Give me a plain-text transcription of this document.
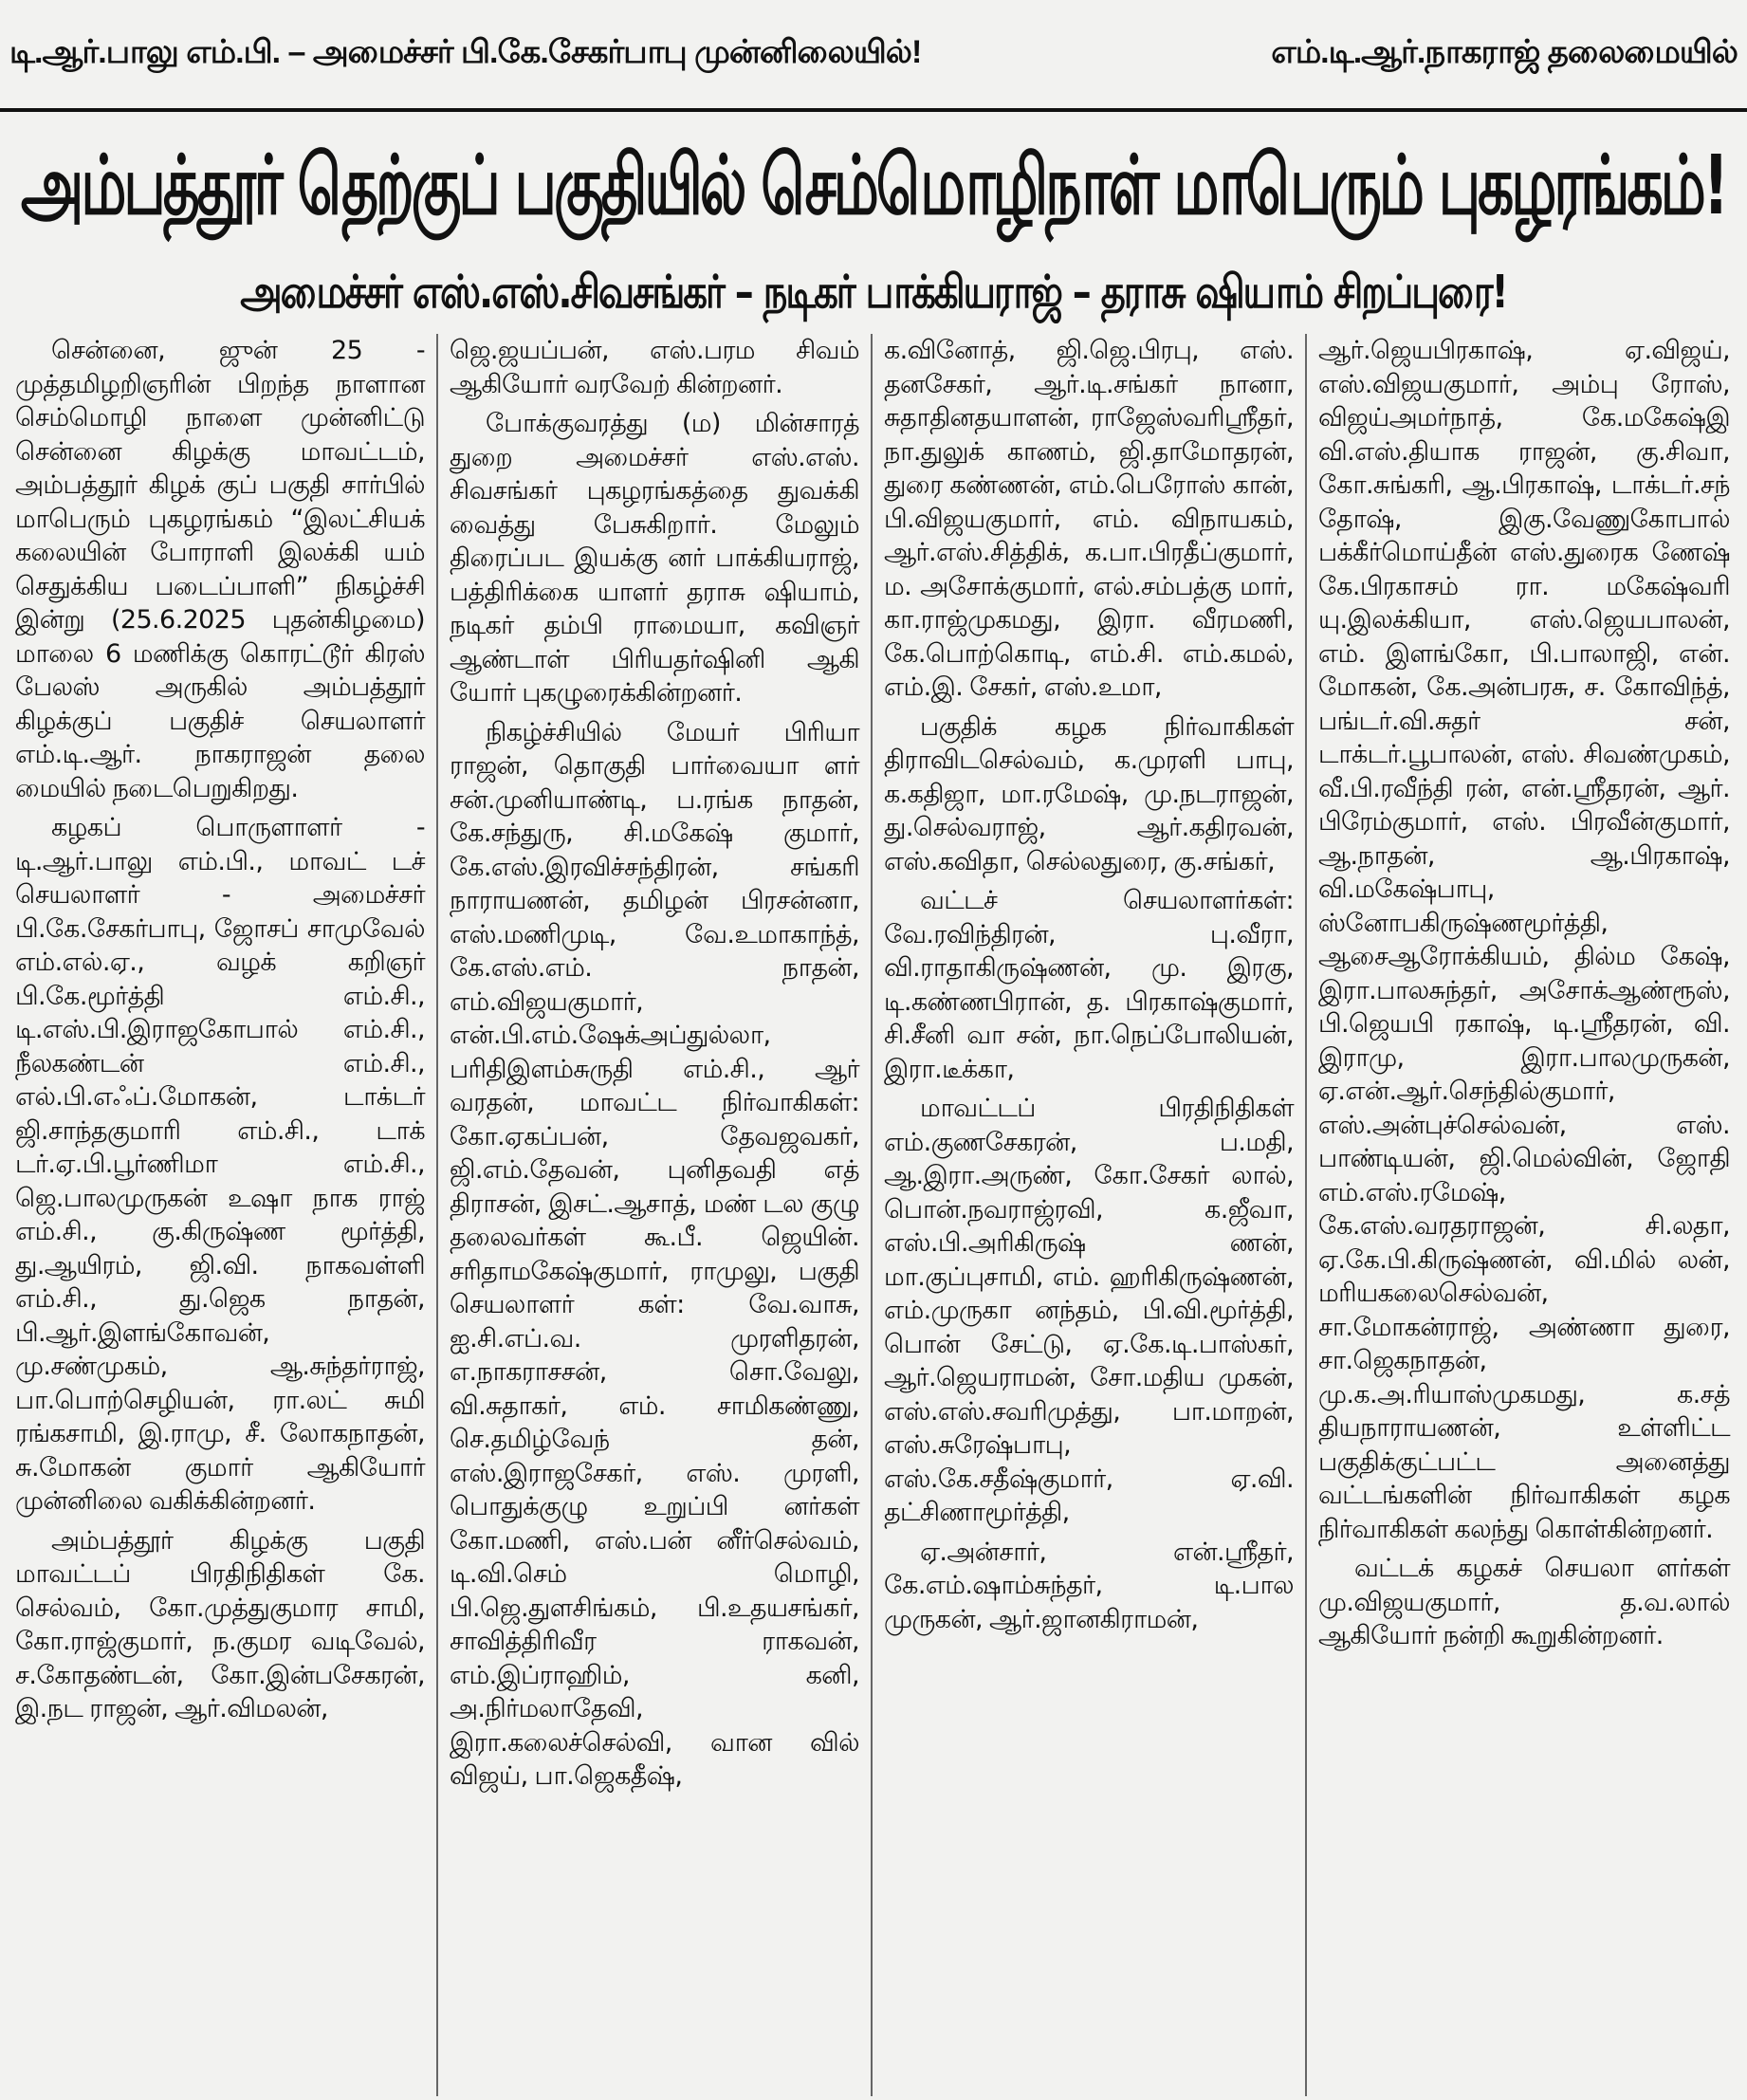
டி.ஆர்.பாலு எம்.பி. – அமைச்சர் பி.கே.சேகர்பாபு முன்னிலையில்!	எம்.டி.ஆர்.நாகராஜ் தலைமையில்
அம்பத்தூர் தெற்குப் பகுதியில் செம்மொழிநாள் மாபெரும் புகழரங்கம்!
அமைச்சர் எஸ்.எஸ்.சிவசங்கர் – நடிகர் பாக்கியராஜ் – தராசு ஷியாம் சிறப்புரை!

சென்னை, ஜுன் 25 - முத்தமிழறிஞரின் பிறந்த நாளான செம்மொழி நாளை முன்னிட்டு சென்னை கிழக்கு மாவட்டம், அம்பத்தூர் கிழக் குப் பகுதி சார்பில் மாபெரும் புகழரங்கம் “இலட்சியக் கலையின் போராளி இலக்கி யம் செதுக்கிய படைப்பாளி” நிகழ்ச்சி இன்று (25.6.2025 புதன்கிழமை) மாலை 6 மணிக்கு கொரட்டூர் கிரஸ் பேலஸ் அருகில் அம்பத்தூர் கிழக்குப் பகுதிச் செயலாளர் எம்.டி.ஆர். நாகராஜன் தலை மையில் நடைபெறுகிறது.

கழகப் பொருளாளர் - டி.ஆர்.பாலு எம்.பி., மாவட் டச் செயலாளர் - அமைச்சர் பி.கே.சேகர்பாபு, ஜோசப் சாமுவேல் எம்.எல்.ஏ., வழக் கறிஞர் பி.கே.மூர்த்தி எம்.சி., டி.எஸ்.பி.இராஜகோபால் எம்.சி., நீலகண்டன் எம்.சி., எல்.பி.எஃப்.மோகன், டாக்டர் ஜி.சாந்தகுமாரி எம்.சி., டாக் டர்.ஏ.பி.பூர்ணிமா எம்.சி., ஜெ.பாலமுருகன் உஷா நாக ராஜ் எம்.சி., கு.கிருஷ்ண மூர்த்தி, து.ஆயிரம், ஜி.வி. நாகவள்ளி எம்.சி., து.ஜெக நாதன், பி.ஆர்.இளங்கோவன், மு.சண்முகம், ஆ.சுந்தர்ராஜ், பா.பொற்செழியன், ரா.லட் சுமி ரங்கசாமி, இ.ராமு, சீ. லோகநாதன், சு.மோகன் குமார் ஆகியோர் முன்னிலை வகிக்கின்றனர்.

அம்பத்தூர் கிழக்கு பகுதி மாவட்டப் பிரதிநிதிகள் கே. செல்வம், கோ.முத்துகுமார சாமி, கோ.ராஜ்குமார், ந.குமர வடிவேல், ச.கோதண்டன், கோ.இன்பசேகரன், இ.நட ராஜன், ஆர்.விமலன்,

ஜெ.ஜயப்பன், எஸ்.பரம சிவம் ஆகியோர் வரவேற் கின்றனர்.

போக்குவரத்து (ம) மின்சாரத் துறை அமைச்சர் எஸ்.எஸ். சிவசங்கர் புகழரங்கத்தை துவக்கி வைத்து பேசுகிறார். மேலும் திரைப்பட இயக்கு னர் பாக்கியராஜ், பத்திரிக்கை யாளர் தராசு ஷியாம், நடிகர் தம்பி ராமையா, கவிஞர் ஆண்டாள் பிரியதர்ஷினி ஆகி யோர் புகழுரைக்கின்றனர்.

நிகழ்ச்சியில் மேயர் பிரியா ராஜன், தொகுதி பார்வையா ளர் சன்.முனியாண்டி, ப.ரங்க நாதன், கே.சந்துரு, சி.மகேஷ் குமார், கே.எஸ்.இரவிச்சந்திரன், சங்கரி நாராயணன், தமிழன் பிரசன்னா, எஸ்.மணிமுடி, வே.உமாகாந்த், கே.எஸ்.எம். நாதன், எம்.விஜயகுமார், என்.பி.எம்.ஷேக்அப்துல்லா, பரிதிஇளம்சுருதி எம்.சி., ஆர் வரதன், மாவட்ட நிர்வாகிகள்: கோ.ஏகப்பன், தேவஜவகர், ஜி.எம்.தேவன், புனிதவதி எத் திராசன், இசட்.ஆசாத், மண் டல குழு தலைவர்கள் கூ.பீ. ஜெயின். சரிதாமகேஷ்குமார், ராமுலு, பகுதி செயலாளர் கள்: வே.வாசு, ஐ.சி.எப்.வ. முரளிதரன், எ.நாகராசசன், சொ.வேலு, வி.சுதாகர், எம். சாமிகண்ணு, செ.தமிழ்வேந் தன், எஸ்.இராஜசேகர், எஸ். முரளி, பொதுக்குழு உறுப்பி னர்கள் கோ.மணி, எஸ்.பன் னீர்செல்வம், டி.வி.செம் மொழி, பி.ஜெ.துளசிங்கம், பி.உதயசங்கர், சாவித்திரிவீர ராகவன், எம்.இப்ராஹிம், கனி, அ.நிர்மலாதேவி, இரா.கலைச்செல்வி, வான வில் விஜய், பா.ஜெகதீஷ்,

க.வினோத், ஜி.ஜெ.பிரபு, எஸ். தனசேகர், ஆர்.டி.சங்கர் நானா, சுதாதினதயாளன், ராஜேஸ்வரிஸ்ரீதர், நா.துலுக் காணம், ஜி.தாமோதரன், துரை கண்ணன், எம்.பெரோஸ் கான், பி.விஜயகுமார், எம். விநாயகம், ஆர்.எஸ்.சித்திக், க.பா.பிரதீப்குமார், ம. அசோக்குமார், எல்.சம்பத்கு மார், கா.ராஜ்முகமது, இரா. வீரமணி, கே.பொற்கொடி, எம்.சி. எம்.கமல், எம்.இ. சேகர், எஸ்.உமா,

பகுதிக் கழக நிர்வாகிகள் திராவிடசெல்வம், க.முரளி பாபு, க.கதிஜா, மா.ரமேஷ், மு.நடராஜன், து.செல்வராஜ், ஆர்.கதிரவன், எஸ்.கவிதா, செல்லதுரை, கு.சங்கர்,

வட்டச் செயலாளர்கள்: வே.ரவிந்திரன், பு.வீரா, வி.ராதாகிருஷ்ணன், மு. இரகு, டி.கண்ணபிரான், த. பிரகாஷ்குமார், சி.சீனி வா சன், நா.நெப்போலியன், இரா.டீக்கா,

மாவட்டப் பிரதிநிதிகள் எம்.குணசேகரன், ப.மதி, ஆ.இரா.அருண், கோ.சேகர் லால், பொன்.நவராஜ்ரவி, க.ஜீவா, எஸ்.பி.அரிகிருஷ் ணன், மா.குப்புசாமி, எம். ஹரிகிருஷ்ணன், எம்.முருகா னந்தம், பி.வி.மூர்த்தி, பொன் சேட்டு, ஏ.கே.டி.பாஸ்கர், ஆர்.ஜெயராமன், சோ.மதிய முகன், எஸ்.எஸ்.சவரிமுத்து, பா.மாறன், எஸ்.சுரேஷ்பாபு, எஸ்.கே.சதீஷ்குமார், ஏ.வி. தட்சிணாமூர்த்தி,

ஏ.அன்சார், என்.ஸ்ரீதர், கே.எம்.ஷாம்சுந்தர், டி.பால முருகன், ஆர்.ஜானகிராமன்,

ஆர்.ஜெயபிரகாஷ், ஏ.விஜய், எஸ்.விஜயகுமார், அம்பு ரோஸ், விஜய்அமர்நாத், கே.மகேஷ்இ வி.எஸ்.தியாக ராஜன், கு.சிவா, கோ.சுங்கரி, ஆ.பிரகாஷ், டாக்டர்.சந் தோஷ், இகு.வேணுகோபால் பக்கீர்மொய்தீன் எஸ்.துரைக ணேஷ் கே.பிரகாசம் ரா. மகேஷ்வரி யு.இலக்கியா, எஸ்.ஜெயபாலன், எம். இளங்கோ, பி.பாலாஜி, என். மோகன், கே.அன்பரசு, ச. கோவிந்த், பங்டர்.வி.சுதர் சன், டாக்டர்.பூபாலன், எஸ். சிவண்முகம், வீ.பி.ரவீந்தி ரன், என்.ஸ்ரீதரன், ஆர். பிரேம்குமார், எஸ். பிரவீன்குமார், ஆ.நாதன், ஆ.பிரகாஷ், வி.மகேஷ்பாபு, ஸ்னோபகிருஷ்ணமூர்த்தி, ஆசைஆரோக்கியம், தில்ம கேஷ், இரா.பாலசுந்தர், அசோக்ஆண்ரூஸ், பி.ஜெயபி ரகாஷ், டி.ஸ்ரீதரன், வி. இராமு, இரா.பாலமுருகன், ஏ.என்.ஆர்.செந்தில்குமார், எஸ்.அன்புச்செல்வன், எஸ். பாண்டியன், ஜி.மெல்வின், ஜோதி எம்.எஸ்.ரமேஷ், கே.எஸ்.வரதராஜன், சி.லதா, ஏ.கே.பி.கிருஷ்ணன், வி.மில் லன், மரியகலைசெல்வன், சா.மோகன்ராஜ், அண்ணா துரை, சா.ஜெகநாதன், மு.க.அ.ரியாஸ்முகமது, க.சத் தியநாராயணன், உள்ளிட்ட பகுதிக்குட்பட்ட அனைத்து வட்டங்களின் நிர்வாகிகள் கழக நிர்வாகிகள் கலந்து கொள்கின்றனர்.

வட்டக் கழகச் செயலா ளர்கள் மு.விஜயகுமார், த.வ.லால் ஆகியோர் நன்றி கூறுகின்றனர்.
